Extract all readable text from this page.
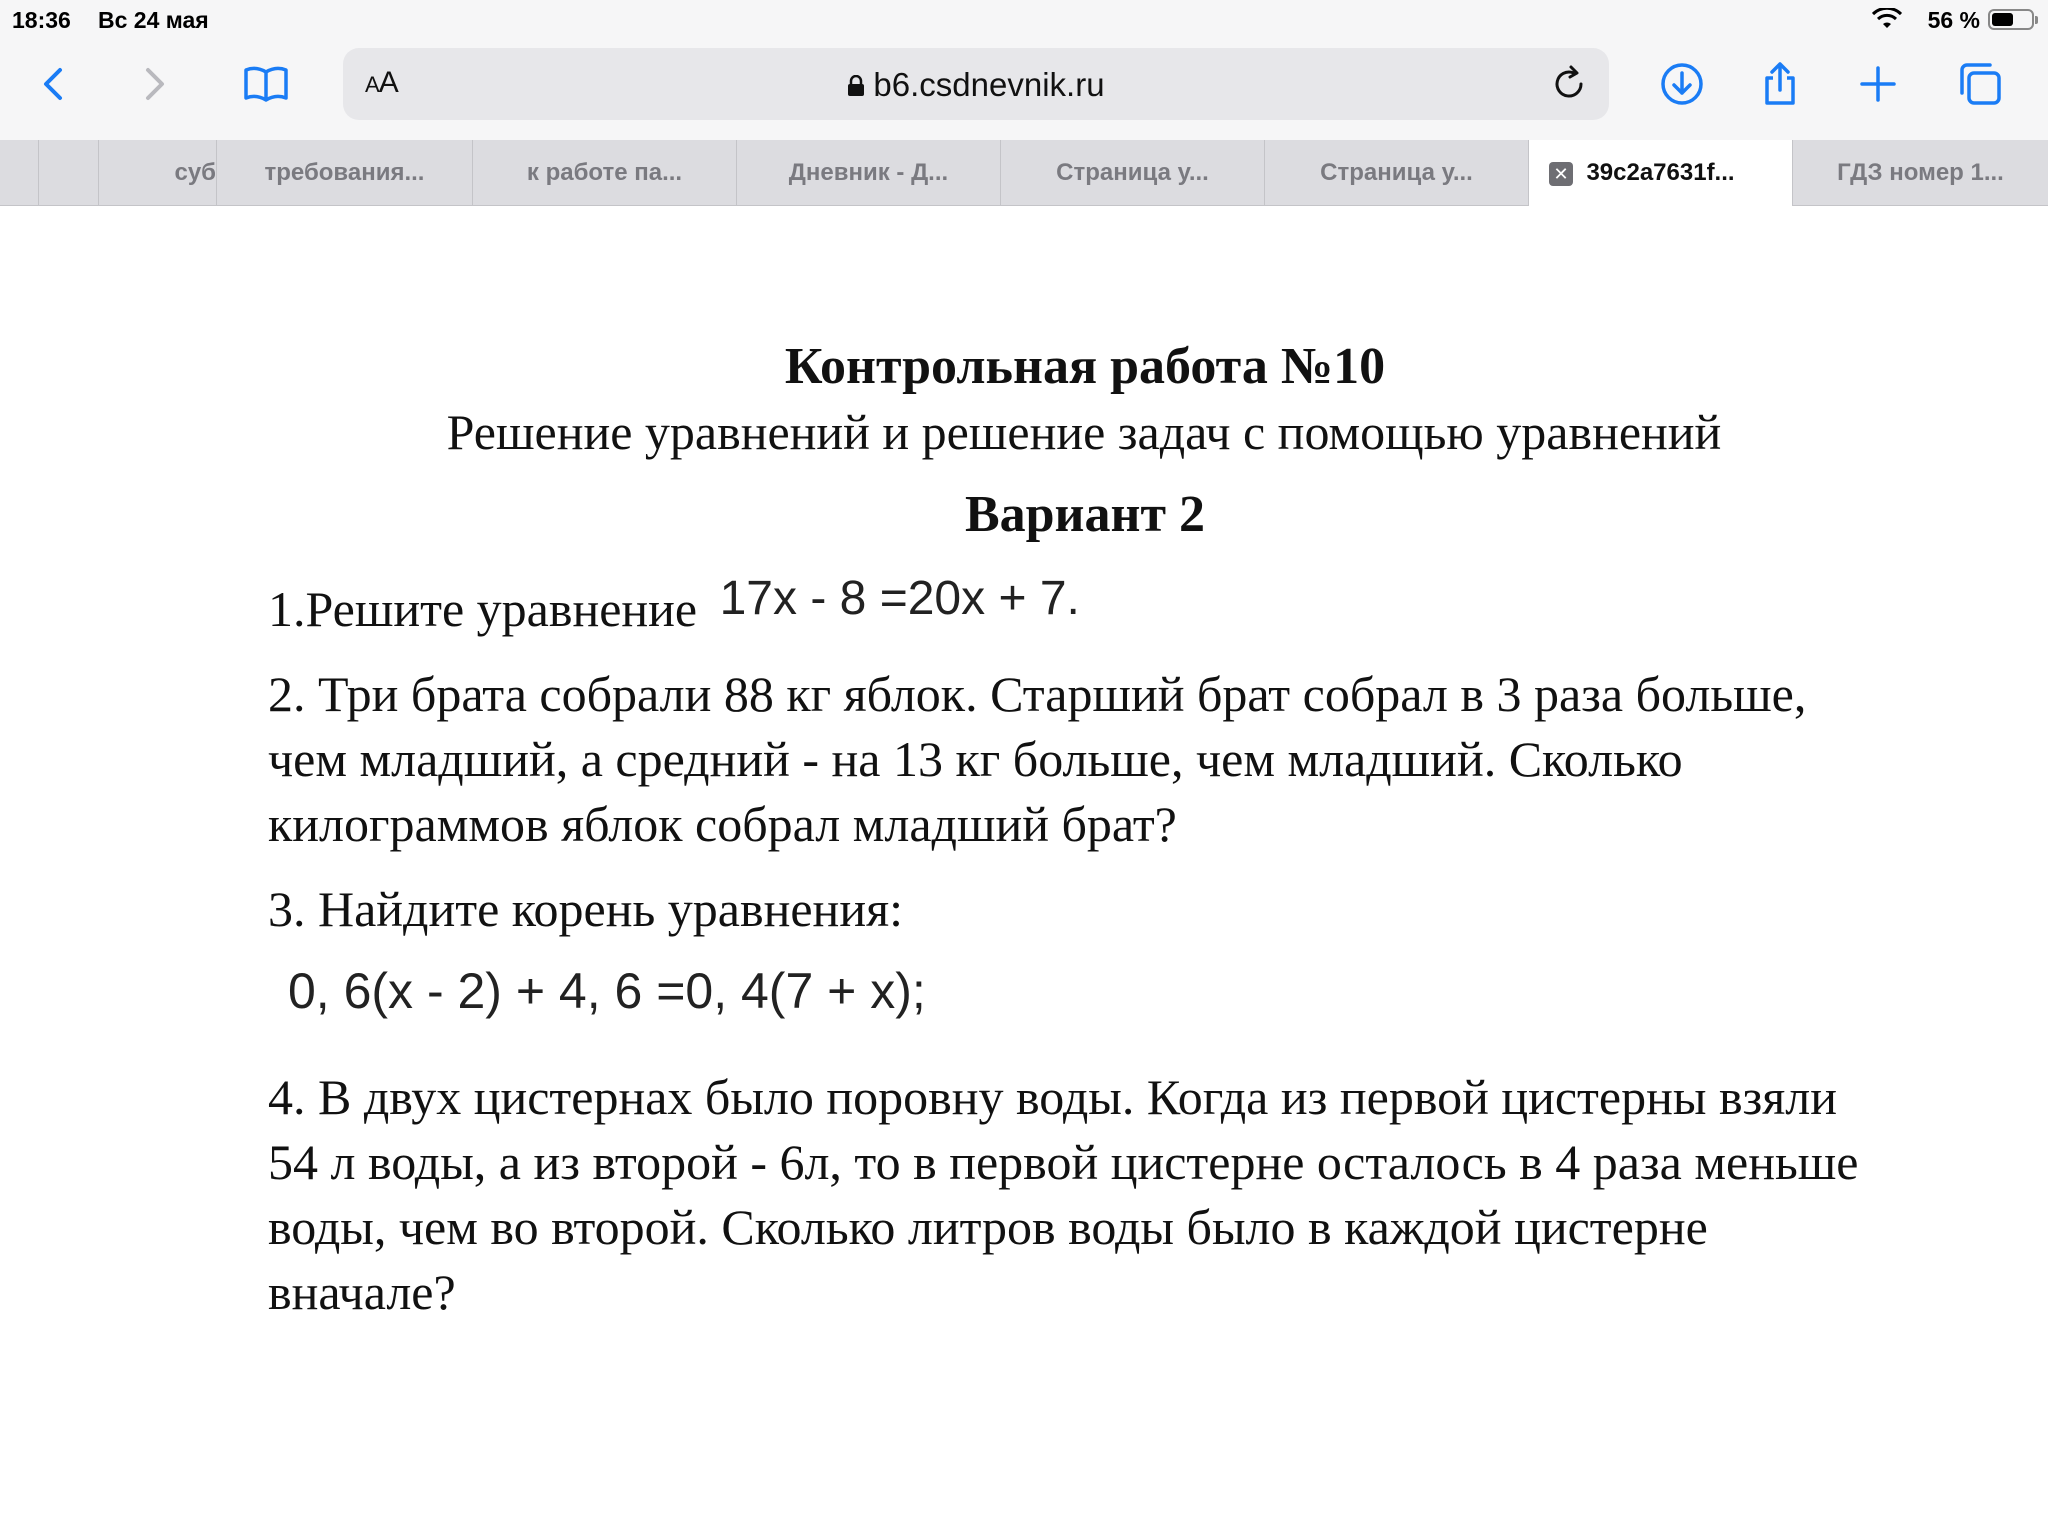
18:36 Вс 24 мая	56 %
AA	b6.csdnevnik.ru
суб требования...	к работе па...	Дневник - Д...	Страница у...	Страница у...	✕ 39c2a7631f...	ГДЗ номер 1...
Контрольная работа №10
Решение уравнений и решение задач с помощью уравнений
Вариант 2
1.Решите уравнение 17x - 8 =20x + 7.
2. Три брата собрали 88 кг яблок. Старший брат собрал в 3 раза больше, чем младший, а средний - на 13 кг больше, чем младший. Сколько килограммов яблок собрал младший брат?
3. Найдите корень уравнения:
0, 6(x - 2) + 4, 6 =0, 4(7 + x);
4. В двух цистернах было поровну воды. Когда из первой цистерны взяли 54 л воды, а из второй - 6л, то в первой цистерне осталось в 4 раза меньше воды, чем во второй. Сколько литров воды было в каждой цистерне вначале?
